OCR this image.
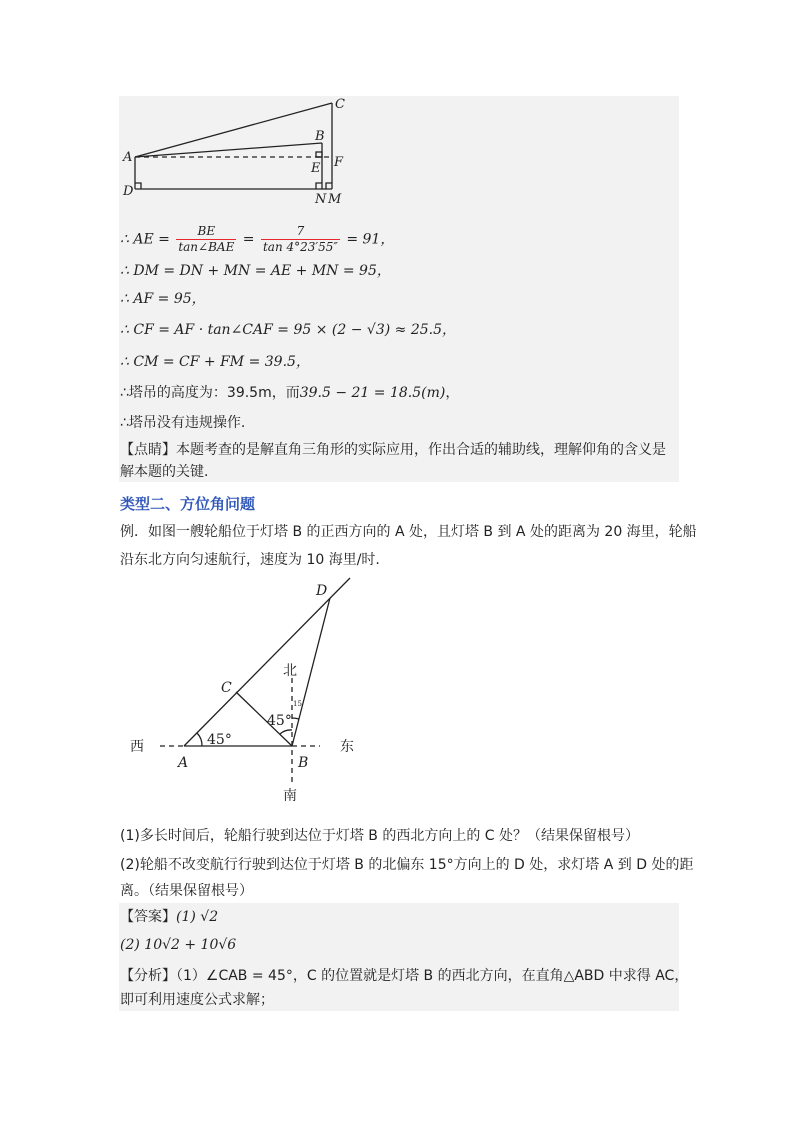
A
C
B
F
E
D
N M
∴ AE = $\frac{BE}{\text{tan∠BAE}} = \frac{7}{\tan 4^\circ 23'55''} = 91$，
∴ DM = DN + MN = AE + MN = 95，
∴ AF = 95，
∴ CF = AF · tan∠CAF = 95 × (2 − √3) ≈ 25.5，
∴ CM = CF + FM = 39.5，
∴塔吊的高度为：39.5m，而39.5 − 21 = 18.5(m)，
∴塔吊没有违规操作.
【点睛】本题考查的是解直角三角形的实际应用，作出合适的辅助线，理解仰角的含义是
解本题的关键.
类型二、方位角问题
例．如图一艘轮船位于灯塔 B 的正西方向的 A 处，且灯塔 B 到 A 处的距离为 20 海里，轮船
沿东北方向匀速航行，速度为 10 海里/时.
D
C
A	B
45°
45°
15
北
南
西	东
(1)多长时间后，轮船行驶到达位于灯塔 B 的西北方向上的 C 处？（结果保留根号）
(2)轮船不改变航行行驶到达位于灯塔 B 的北偏东 15°方向上的 D 处，求灯塔 A 到 D 处的距
离。（结果保留根号）
【答案】(1) √2
(2) 10√2 + 10√6
【分析】（1）∠CAB = 45°，C 的位置就是灯塔 B 的西北方向，在直角△ABD 中求得 AC，
即可利用速度公式求解；
